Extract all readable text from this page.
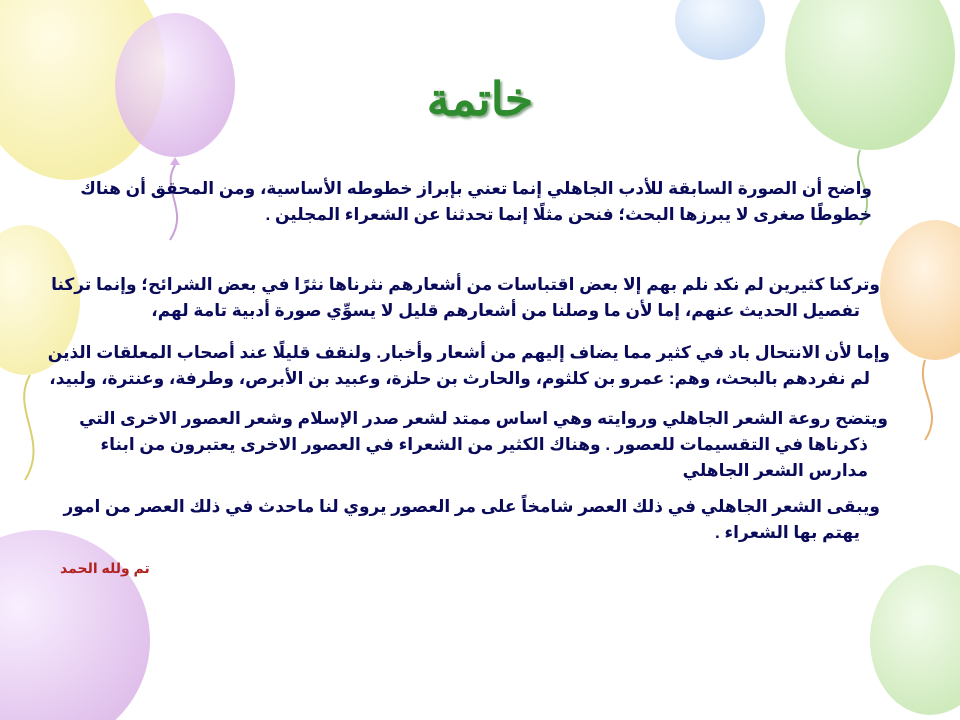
خاتمة
واضح أن الصورة السابقة للأدب الجاهلي إنما تعني بإبراز خطوطه الأساسية، ومن المحقق أن هناك
خطوطًا صغرى لا يبرزها البحث؛ فنحن مثلًا إنما تحدثنا عن الشعراء المجلين .
وتركنا كثيرين لم نكد نلم بهم إلا بعض اقتباسات من أشعارهم نثرناها نثرًا في بعض الشرائح؛ وإنما تركنا
تفصيل الحديث عنهم، إما لأن ما وصلنا من أشعارهم قليل لا يسوِّي صورة أدبية تامة لهم،
وإما لأن الانتحال باد في كثير مما يضاف إليهم من أشعار وأخبار. ولنقف قليلًا عند أصحاب المعلقات الذين
لم نفردهم بالبحث، وهم: عمرو بن كلثوم، والحارث بن حلزة، وعبيد بن الأبرص، وطرفة، وعنترة، ولبيد،
ويتضح روعة الشعر الجاهلي وروايته وهي اساس ممتد لشعر صدر الإسلام وشعر العصور الاخرى التي
ذكرناها في التقسيمات للعصور . وهناك الكثير من الشعراء في العصور الاخرى يعتبرون من ابناء
مدارس الشعر الجاهلي
ويبقى الشعر الجاهلي في ذلك العصر شامخاً على مر العصور يروي لنا ماحدث في ذلك العصر من امور
يهتم بها الشعراء .
تم ولله الحمد
